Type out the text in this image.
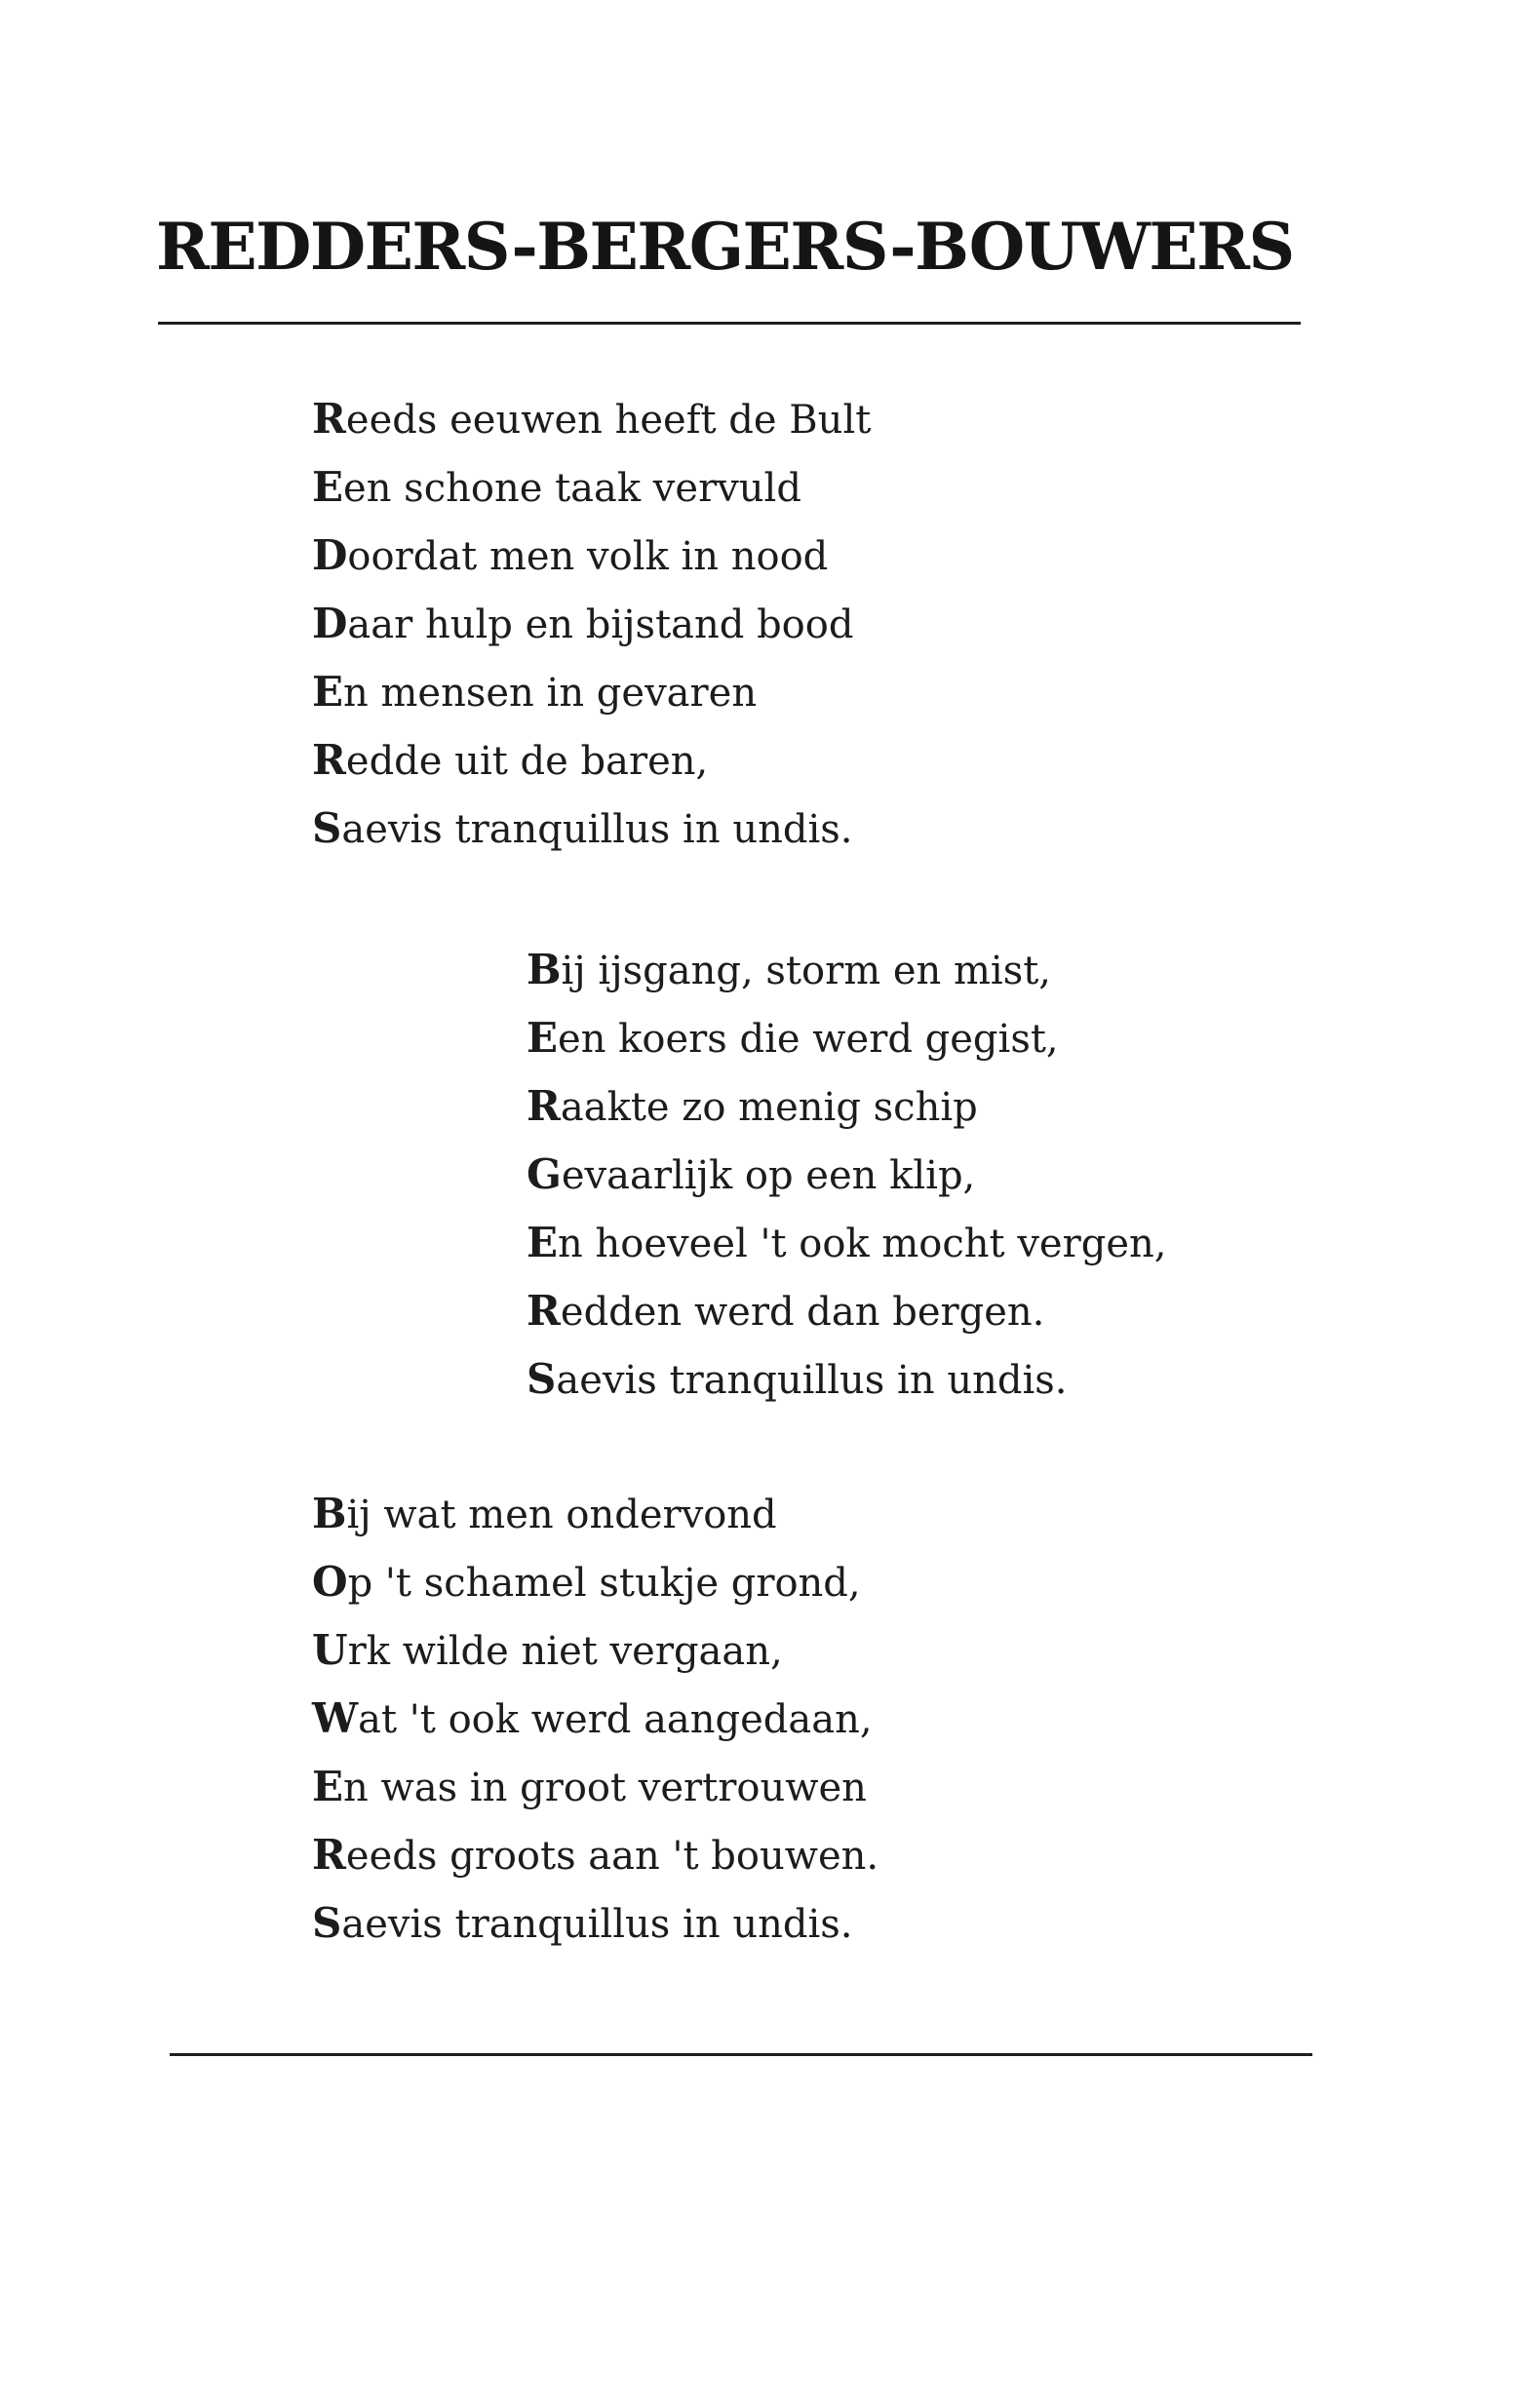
REDDERS-BERGERS-BOUWERS
Reeds eeuwen heeft de Bult
Een schone taak vervuld
Doordat men volk in nood
Daar hulp en bijstand bood
En mensen in gevaren
Redde uit de baren,
Saevis tranquillus in undis.
Bij ijsgang, storm en mist,
Een koers die werd gegist,
Raakte zo menig schip
Gevaarlijk op een klip,
En hoeveel 't ook mocht vergen,
Redden werd dan bergen.
Saevis tranquillus in undis.
Bij wat men ondervond
Op 't schamel stukje grond,
Urk wilde niet vergaan,
Wat 't ook werd aangedaan,
En was in groot vertrouwen
Reeds groots aan 't bouwen.
Saevis tranquillus in undis.
